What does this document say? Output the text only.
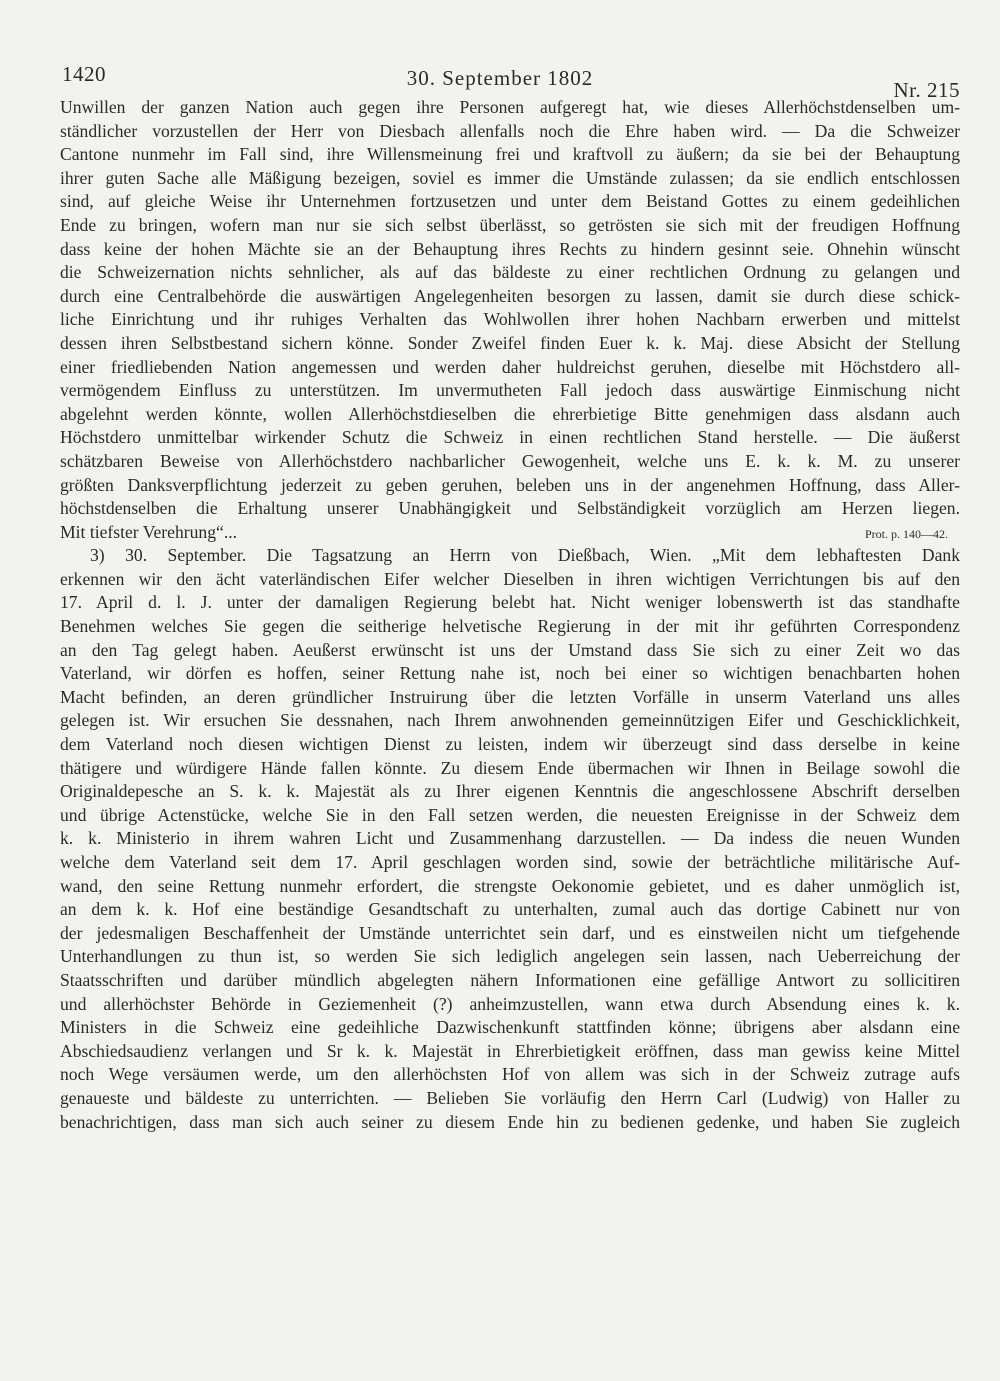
1420	30. September 1802	Nr. 215
Unwillen der ganzen Nation auch gegen ihre Personen aufgeregt hat, wie dieses Allerhöchstdenselben um-
ständlicher vorzustellen der Herr von Diesbach allenfalls noch die Ehre haben wird. — Da die Schweizer
Cantone nunmehr im Fall sind, ihre Willensmeinung frei und kraftvoll zu äußern; da sie bei der Behauptung
ihrer guten Sache alle Mäßigung bezeigen, soviel es immer die Umstände zulassen; da sie endlich entschlossen
sind, auf gleiche Weise ihr Unternehmen fortzusetzen und unter dem Beistand Gottes zu einem gedeihlichen
Ende zu bringen, wofern man nur sie sich selbst überlässt, so getrösten sie sich mit der freudigen Hoffnung
dass keine der hohen Mächte sie an der Behauptung ihres Rechts zu hindern gesinnt seie. Ohnehin wünscht
die Schweizernation nichts sehnlicher, als auf das bäldeste zu einer rechtlichen Ordnung zu gelangen und
durch eine Centralbehörde die auswärtigen Angelegenheiten besorgen zu lassen, damit sie durch diese schick-
liche Einrichtung und ihr ruhiges Verhalten das Wohlwollen ihrer hohen Nachbarn erwerben und mittelst
dessen ihren Selbstbestand sichern könne. Sonder Zweifel finden Euer k. k. Maj. diese Absicht der Stellung
einer friedliebenden Nation angemessen und werden daher huldreichst geruhen, dieselbe mit Höchstdero all-
vermögendem Einfluss zu unterstützen. Im unvermutheten Fall jedoch dass auswärtige Einmischung nicht
abgelehnt werden könnte, wollen Allerhöchstdieselben die ehrerbietige Bitte genehmigen dass alsdann auch
Höchstdero unmittelbar wirkender Schutz die Schweiz in einen rechtlichen Stand herstelle. — Die äußerst
schätzbaren Beweise von Allerhöchstdero nachbarlicher Gewogenheit, welche uns E. k. k. M. zu unserer
größten Danksverpflichtung jederzeit zu geben geruhen, beleben uns in der angenehmen Hoffnung, dass Aller-
höchstdenselben die Erhaltung unserer Unabhängigkeit und Selbständigkeit vorzüglich am Herzen liegen.
Mit tiefster Verehrung“...	Prot. p. 140—42.
3) 30. September. Die Tagsatzung an Herrn von Dießbach, Wien. „Mit dem lebhaftesten Dank
erkennen wir den ächt vaterländischen Eifer welcher Dieselben in ihren wichtigen Verrichtungen bis auf den
17. April d. l. J. unter der damaligen Regierung belebt hat. Nicht weniger lobenswerth ist das standhafte
Benehmen welches Sie gegen die seitherige helvetische Regierung in der mit ihr geführten Correspondenz
an den Tag gelegt haben. Aeußerst erwünscht ist uns der Umstand dass Sie sich zu einer Zeit wo das
Vaterland, wir dörfen es hoffen, seiner Rettung nahe ist, noch bei einer so wichtigen benachbarten hohen
Macht befinden, an deren gründlicher Instruirung über die letzten Vorfälle in unserm Vaterland uns alles
gelegen ist. Wir ersuchen Sie dessnahen, nach Ihrem anwohnenden gemeinnützigen Eifer und Geschicklichkeit,
dem Vaterland noch diesen wichtigen Dienst zu leisten, indem wir überzeugt sind dass derselbe in keine
thätigere und würdigere Hände fallen könnte. Zu diesem Ende übermachen wir Ihnen in Beilage sowohl die
Originaldepesche an S. k. k. Majestät als zu Ihrer eigenen Kenntnis die angeschlossene Abschrift derselben
und übrige Actenstücke, welche Sie in den Fall setzen werden, die neuesten Ereignisse in der Schweiz dem
k. k. Ministerio in ihrem wahren Licht und Zusammenhang darzustellen. — Da indess die neuen Wunden
welche dem Vaterland seit dem 17. April geschlagen worden sind, sowie der beträchtliche militärische Auf-
wand, den seine Rettung nunmehr erfordert, die strengste Oekonomie gebietet, und es daher unmöglich ist,
an dem k. k. Hof eine beständige Gesandtschaft zu unterhalten, zumal auch das dortige Cabinett nur von
der jedesmaligen Beschaffenheit der Umstände unterrichtet sein darf, und es einstweilen nicht um tiefgehende
Unterhandlungen zu thun ist, so werden Sie sich lediglich angelegen sein lassen, nach Ueberreichung der
Staatsschriften und darüber mündlich abgelegten nähern Informationen eine gefällige Antwort zu sollicitiren
und allerhöchster Behörde in Geziemenheit (?) anheimzustellen, wann etwa durch Absendung eines k. k.
Ministers in die Schweiz eine gedeihliche Dazwischenkunft stattfinden könne; übrigens aber alsdann eine
Abschiedsaudienz verlangen und Sr k. k. Majestät in Ehrerbietigkeit eröffnen, dass man gewiss keine Mittel
noch Wege versäumen werde, um den allerhöchsten Hof von allem was sich in der Schweiz zutrage aufs
genaueste und bäldeste zu unterrichten. — Belieben Sie vorläufig den Herrn Carl (Ludwig) von Haller zu
benachrichtigen, dass man sich auch seiner zu diesem Ende hin zu bedienen gedenke, und haben Sie zugleich
